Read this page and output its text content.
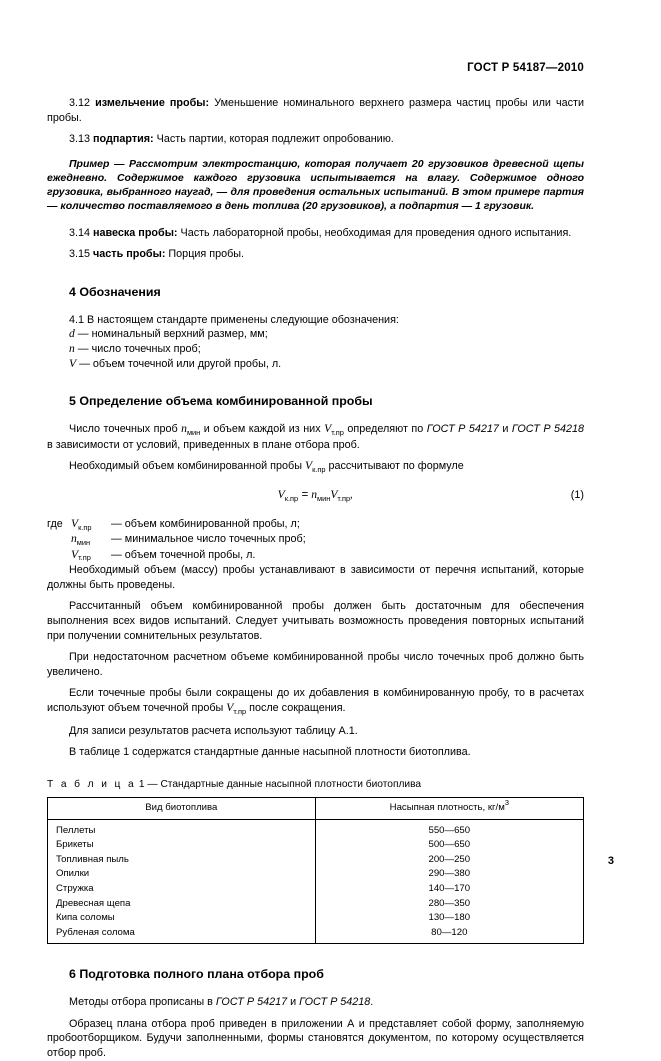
ГОСТ Р 54187—2010

3.12 измельчение пробы: Уменьшение номинального верхнего размера частиц пробы или части пробы.

3.13 подпартия: Часть партии, которая подлежит опробованию.

Пример — Рассмотрим электростанцию, которая получает 20 грузовиков древесной щепы ежедневно. Содержимое каждого грузовика испытывается на влагу. Содержимое одного грузовика, выбранного наугад, — для проведения остальных испытаний. В этом примере партия — количество поставляемого в день топлива (20 грузовиков), а подпартия — 1 грузовик.

3.14 навеска пробы: Часть лабораторной пробы, необходимая для проведения одного испытания.

3.15 часть пробы: Порция пробы.

4 Обозначения

4.1 В настоящем стандарте применены следующие обозначения:

d — номинальный верхний размер, мм;

n — число точечных проб;

V — объем точечной или другой пробы, л.

5 Определение объема комбинированной пробы

Число точечных проб $n_{мин}$ и объем каждой из них $V_{т.пр}$ определяют по ГОСТ Р 54217 и ГОСТ Р 54218 в зависимости от условий, приведенных в плане отбора проб.

Необходимый объем комбинированной пробы $V_{к.пр}$ рассчитывают по формуле

$V_{к.пр} = n_{мин}V_{т.пр}$,	(1)
где $V_{к.пр}$ — объем комбинированной пробы, л;
$n_{мин}$ — минимальное число точечных проб;
$V_{т.пр}$ — объем точечной пробы, л.

Необходимый объем (массу) пробы устанавливают в зависимости от перечня испытаний, которые должны быть проведены.

Рассчитанный объем комбинированной пробы должен быть достаточным для обеспечения выполнения всех видов испытаний. Следует учитывать возможность проведения повторных испытаний при получении сомнительных результатов.

При недостаточном расчетном объеме комбинированной пробы число точечных проб должно быть увеличено.

Если точечные пробы были сокращены до их добавления в комбинированную пробу, то в расчетах используют объем точечной пробы $V_{т.пр}$ после сокращения.

Для записи результатов расчета используют таблицу А.1.

В таблице 1 содержатся стандартные данные насыпной плотности биотоплива.

Т а б л и ц а 1 — Стандартные данные насыпной плотности биотоплива
Вид биотоплива	Насыпная плотность, $кг/м^3$
Пеллеты	550—650
Брикеты	500—650
Топливная пыль	200—250
Опилки	290—380
Стружка	140—170
Древесная щепа	280—350
Кипа соломы	130—180
Рубленая солома	80—120
6 Подготовка полного плана отбора проб

Методы отбора прописаны в ГОСТ Р 54217 и ГОСТ Р 54218.

Образец плана отбора проб приведен в приложении А и представляет собой форму, заполняемую пробоотборщиком. Будучи заполненными, формы становятся документом, по которому осуществляется отбор проб.

3
